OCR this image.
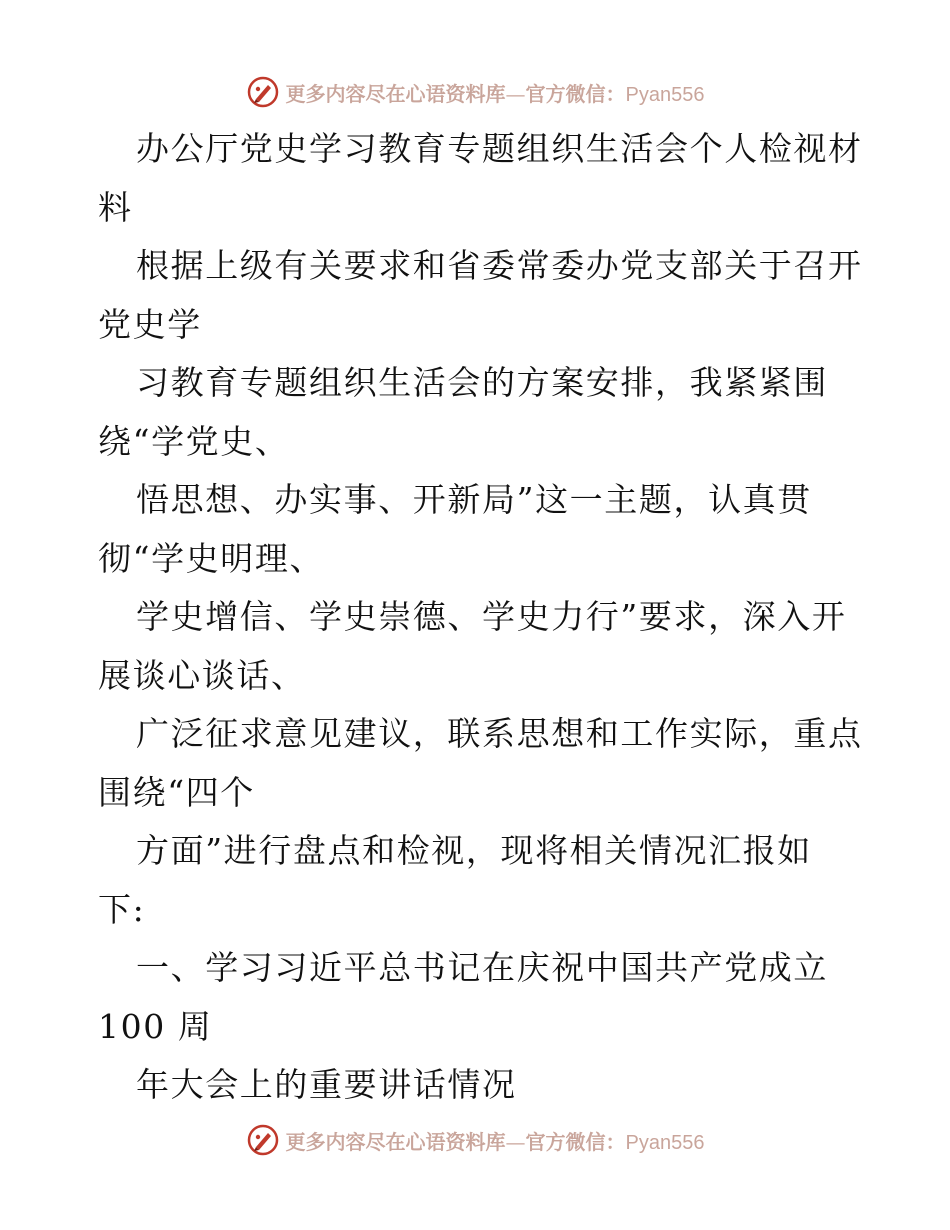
更多内容尽在心语资料库—官方微信：Pyan556
办公厅党史学习教育专题组织生活会个人检视材
料
根据上级有关要求和省委常委办党支部关于召开
党史学
习教育专题组织生活会的方案安排，我紧紧围
绕“学党史、
悟思想、办实事、开新局”这一主题，认真贯
彻“学史明理、
学史增信、学史崇德、学史力行”要求，深入开
展谈心谈话、
广泛征求意见建议，联系思想和工作实际，重点
围绕“四个
方面”进行盘点和检视，现将相关情况汇报如
下:
一、学习习近平总书记在庆祝中国共产党成立
100 周
年大会上的重要讲话情况
更多内容尽在心语资料库—官方微信：Pyan556
